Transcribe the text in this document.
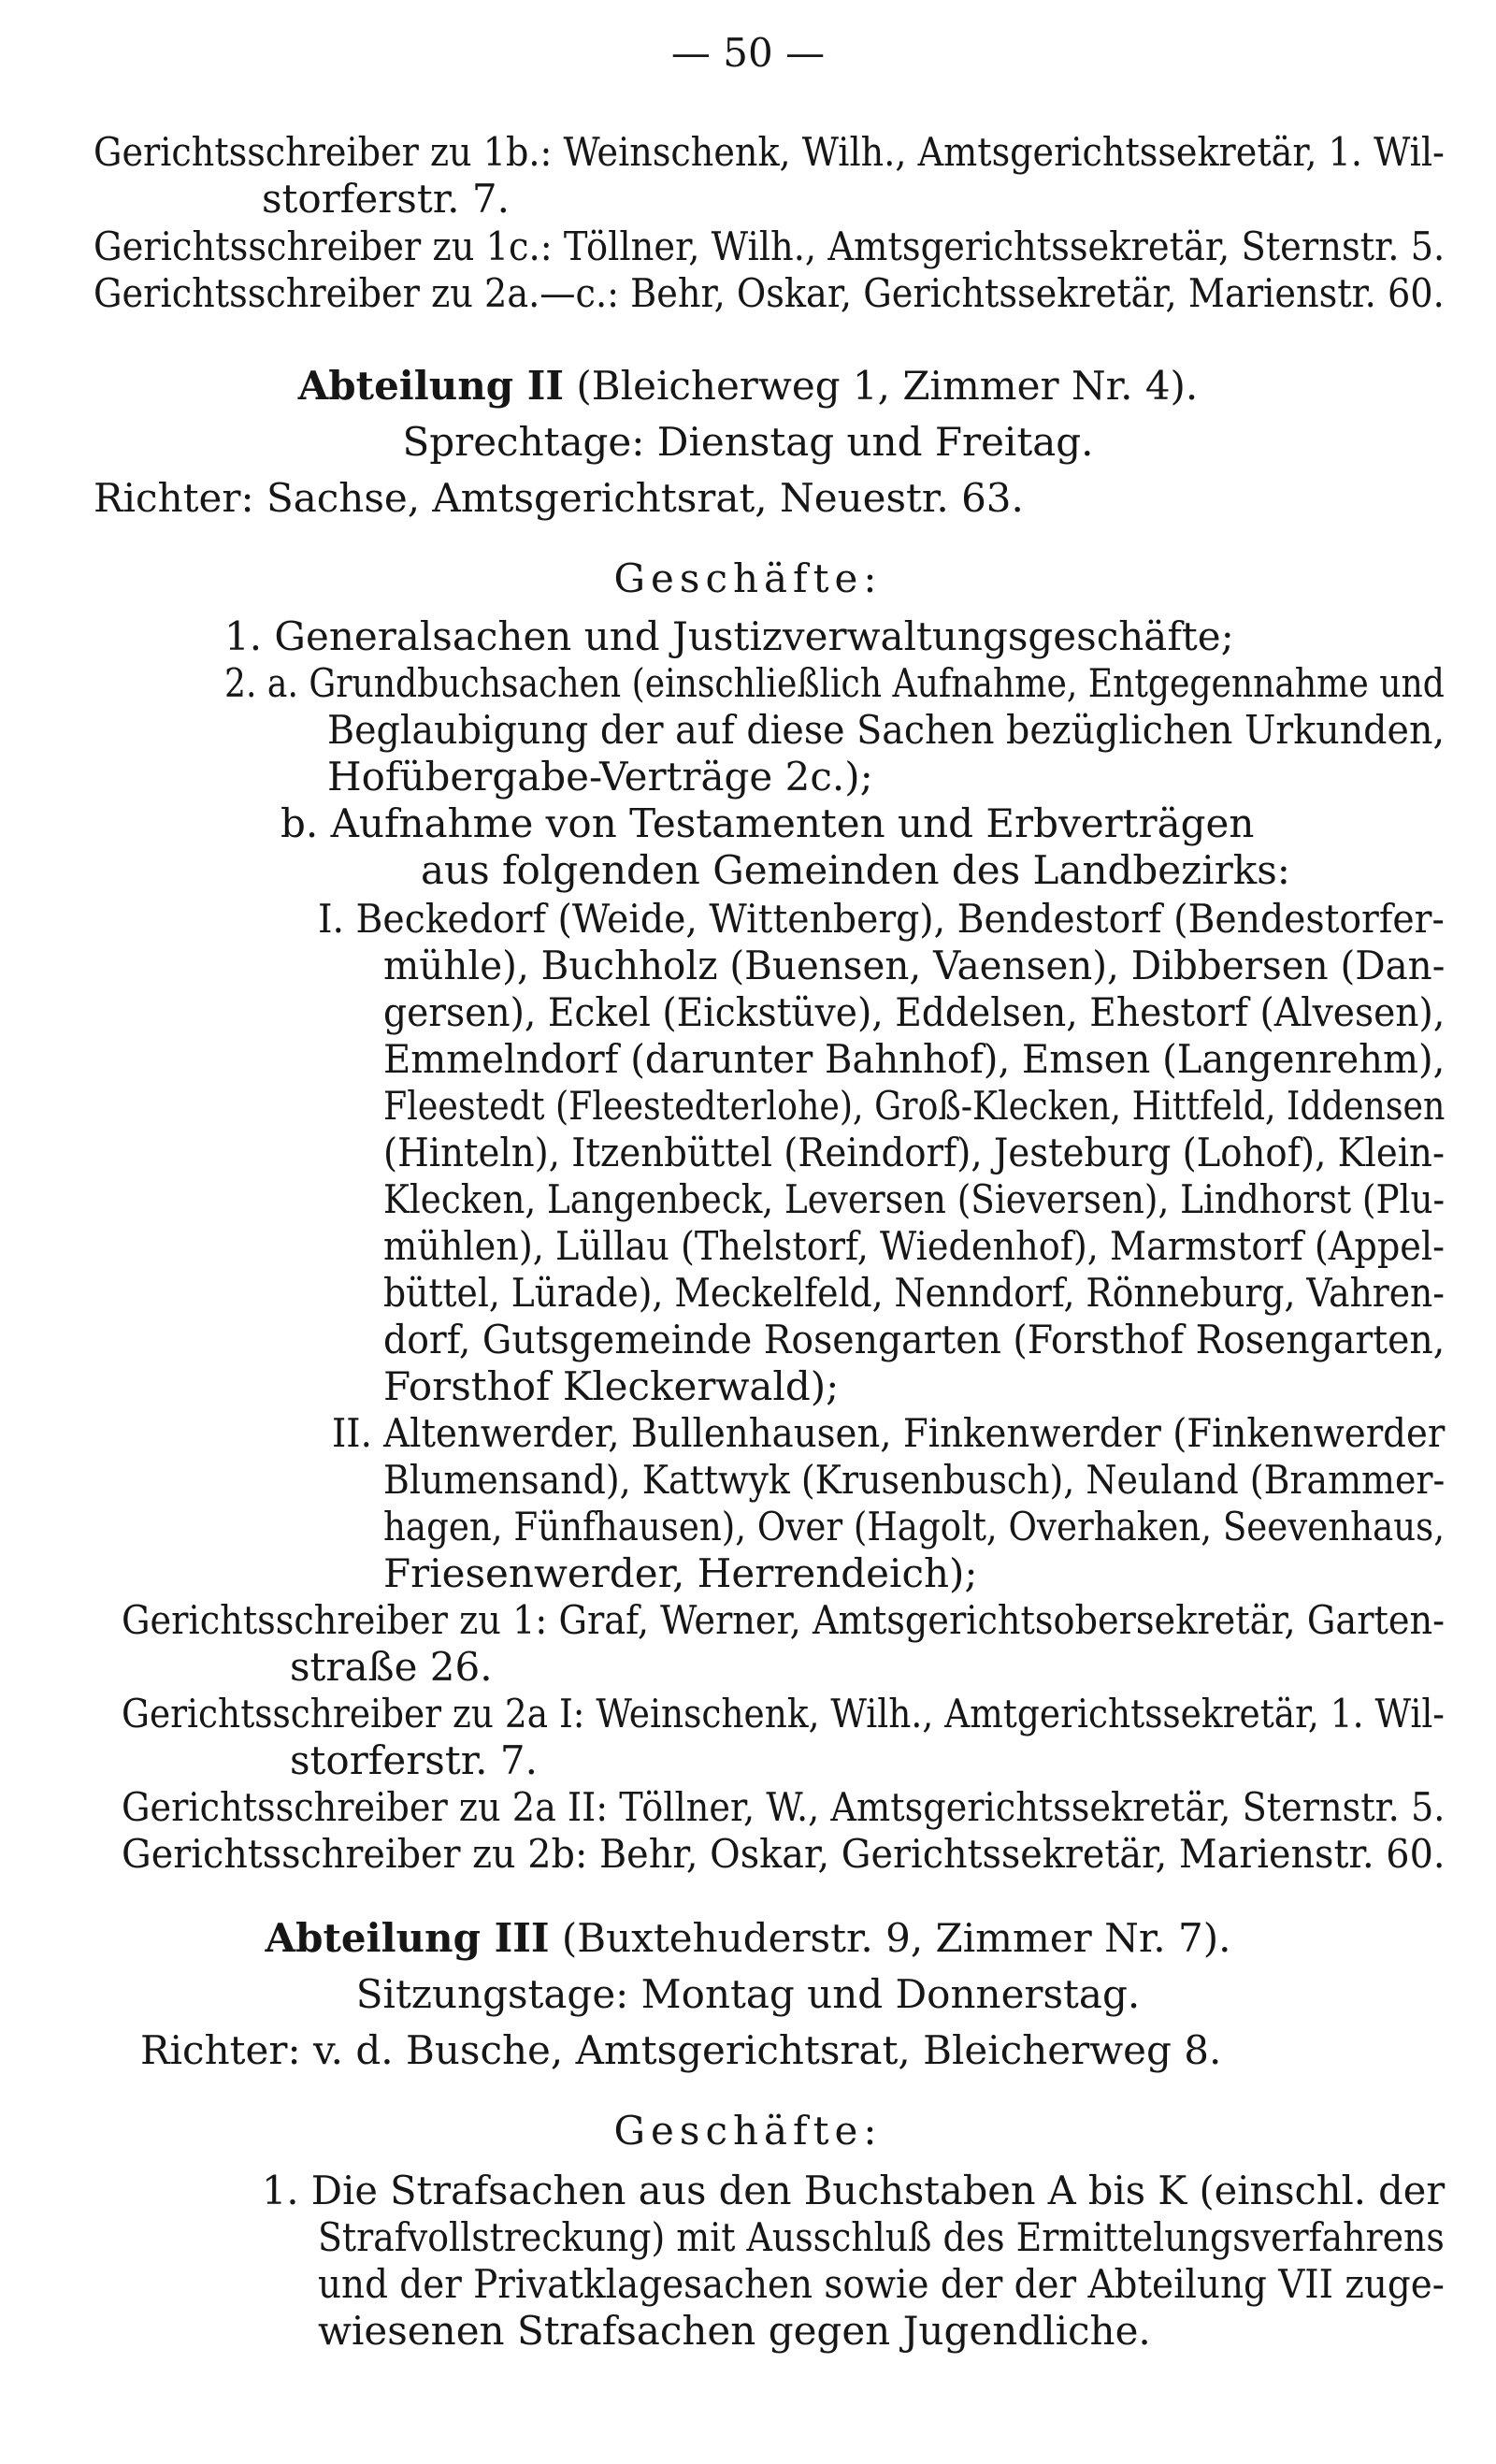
— 50 —
Gerichtsschreiber zu 1b.: Weinschenk, Wilh., Amtsgerichtssekretär, 1. Wil-
storferstr. 7.
Gerichtsschreiber zu 1c.: Töllner, Wilh., Amtsgerichtssekretär, Sternstr. 5.
Gerichtsschreiber zu 2a.—c.: Behr, Oskar, Gerichtssekretär, Marienstr. 60.
Abteilung II (Bleicherweg 1, Zimmer Nr. 4).
Sprechtage: Dienstag und Freitag.
Richter: Sachse, Amtsgerichtsrat, Neuestr. 63.
Geschäfte:
1. Generalsachen und Justizverwaltungsgeschäfte;
2. a. Grundbuchsachen (einschließlich Aufnahme, Entgegennahme und
Beglaubigung der auf diese Sachen bezüglichen Urkunden,
Hofübergabe-Verträge 2c.);
b. Aufnahme von Testamenten und Erbverträgen
aus folgenden Gemeinden des Landbezirks:
I. Beckedorf (Weide, Wittenberg), Bendestorf (Bendestorfer-
mühle), Buchholz (Buensen, Vaensen), Dibbersen (Dan-
gersen), Eckel (Eickstüve), Eddelsen, Ehestorf (Alvesen),
Emmelndorf (darunter Bahnhof), Emsen (Langenrehm),
Fleestedt (Fleestedterlohe), Groß-Klecken, Hittfeld, Iddensen
(Hinteln), Itzenbüttel (Reindorf), Jesteburg (Lohof), Klein-
Klecken, Langenbeck, Leversen (Sieversen), Lindhorst (Plu-
mühlen), Lüllau (Thelstorf, Wiedenhof), Marmstorf (Appel-
büttel, Lürade), Meckelfeld, Nenndorf, Rönneburg, Vahren-
dorf, Gutsgemeinde Rosengarten (Forsthof Rosengarten,
Forsthof Kleckerwald);
II. Altenwerder, Bullenhausen, Finkenwerder (Finkenwerder
Blumensand), Kattwyk (Krusenbusch), Neuland (Brammer-
hagen, Fünfhausen), Over (Hagolt, Overhaken, Seevenhaus,
Friesenwerder, Herrendeich);
Gerichtsschreiber zu 1: Graf, Werner, Amtsgerichtsobersekretär, Garten-
straße 26.
Gerichtsschreiber zu 2a I: Weinschenk, Wilh., Amtgerichtssekretär, 1. Wil-
storferstr. 7.
Gerichtsschreiber zu 2a II: Töllner, W., Amtsgerichtssekretär, Sternstr. 5.
Gerichtsschreiber zu 2b: Behr, Oskar, Gerichtssekretär, Marienstr. 60.
Abteilung III (Buxtehuderstr. 9, Zimmer Nr. 7).
Sitzungstage: Montag und Donnerstag.
Richter: v. d. Busche, Amtsgerichtsrat, Bleicherweg 8.
Geschäfte:
1. Die Strafsachen aus den Buchstaben A bis K (einschl. der
Strafvollstreckung) mit Ausschluß des Ermittelungsverfahrens
und der Privatklagesachen sowie der der Abteilung VII zuge-
wiesenen Strafsachen gegen Jugendliche.
